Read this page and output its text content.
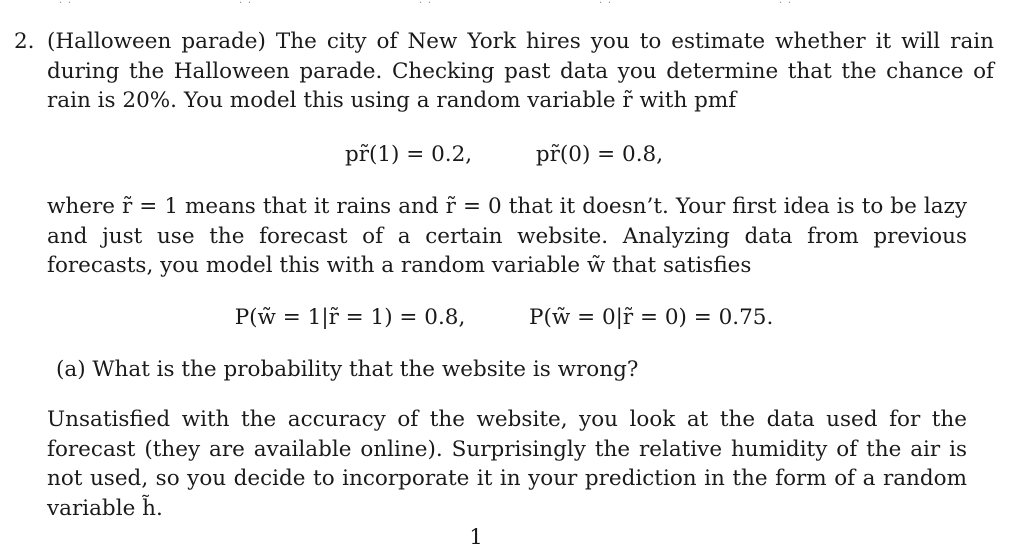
2. (Halloween parade) The city of New York hires you to estimate whether it will rain during the Halloween parade. Checking past data you determine that the chance of rain is 20%. You model this using a random variable r̃ with pmf
pr̃(1) = 0.2,	pr̃(0) = 0.8,
where r̃ = 1 means that it rains and r̃ = 0 that it doesn’t. Your first idea is to be lazy and just use the forecast of a certain website. Analyzing data from previous forecasts, you model this with a random variable w̃ that satisfies
P(w̃ = 1|r̃ = 1) = 0.8,	P(w̃ = 0|r̃ = 0) = 0.75.
(a) What is the probability that the website is wrong?
Unsatisfied with the accuracy of the website, you look at the data used for the forecast (they are available online). Surprisingly the relative humidity of the air is not used, so you decide to incorporate it in your prediction in the form of a random variable h̃.
1
